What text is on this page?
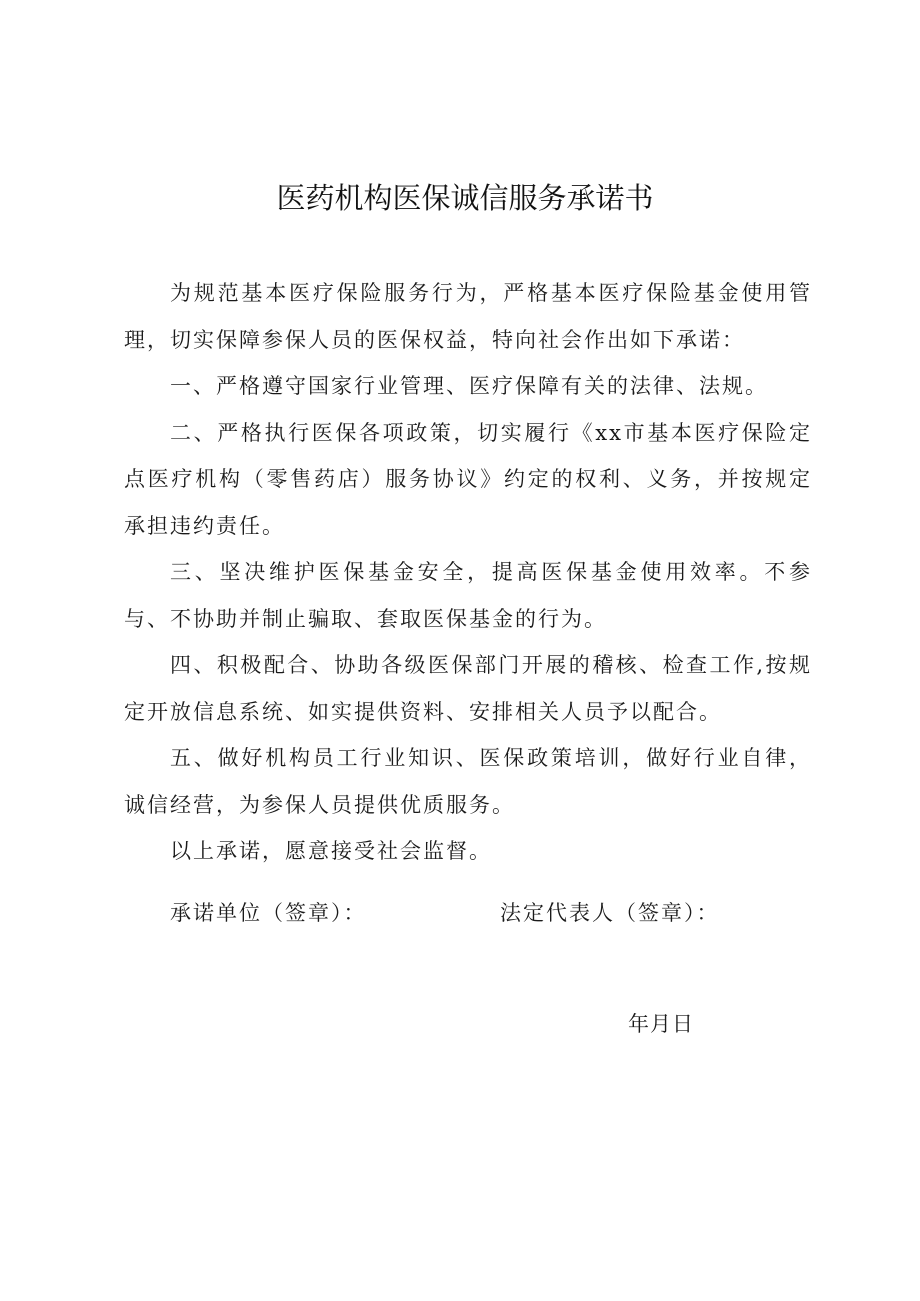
医药机构医保诚信服务承诺书

为规范基本医疗保险服务行为，严格基本医疗保险基金使用管理，切实保障参保人员的医保权益，特向社会作出如下承诺：

一、严格遵守国家行业管理、医疗保障有关的法律、法规。

二、严格执行医保各项政策，切实履行《xx市基本医疗保险定点医疗机构（零售药店）服务协议》约定的权利、义务，并按规定承担违约责任。

三、坚决维护医保基金安全，提高医保基金使用效率。不参与、不协助并制止骗取、套取医保基金的行为。

四、积极配合、协助各级医保部门开展的稽核、检查工作,按规定开放信息系统、如实提供资料、安排相关人员予以配合。

五、做好机构员工行业知识、医保政策培训，做好行业自律，诚信经营，为参保人员提供优质服务。

以上承诺，愿意接受社会监督。

承诺单位（签章）：	法定代表人（签章）：
年月日
